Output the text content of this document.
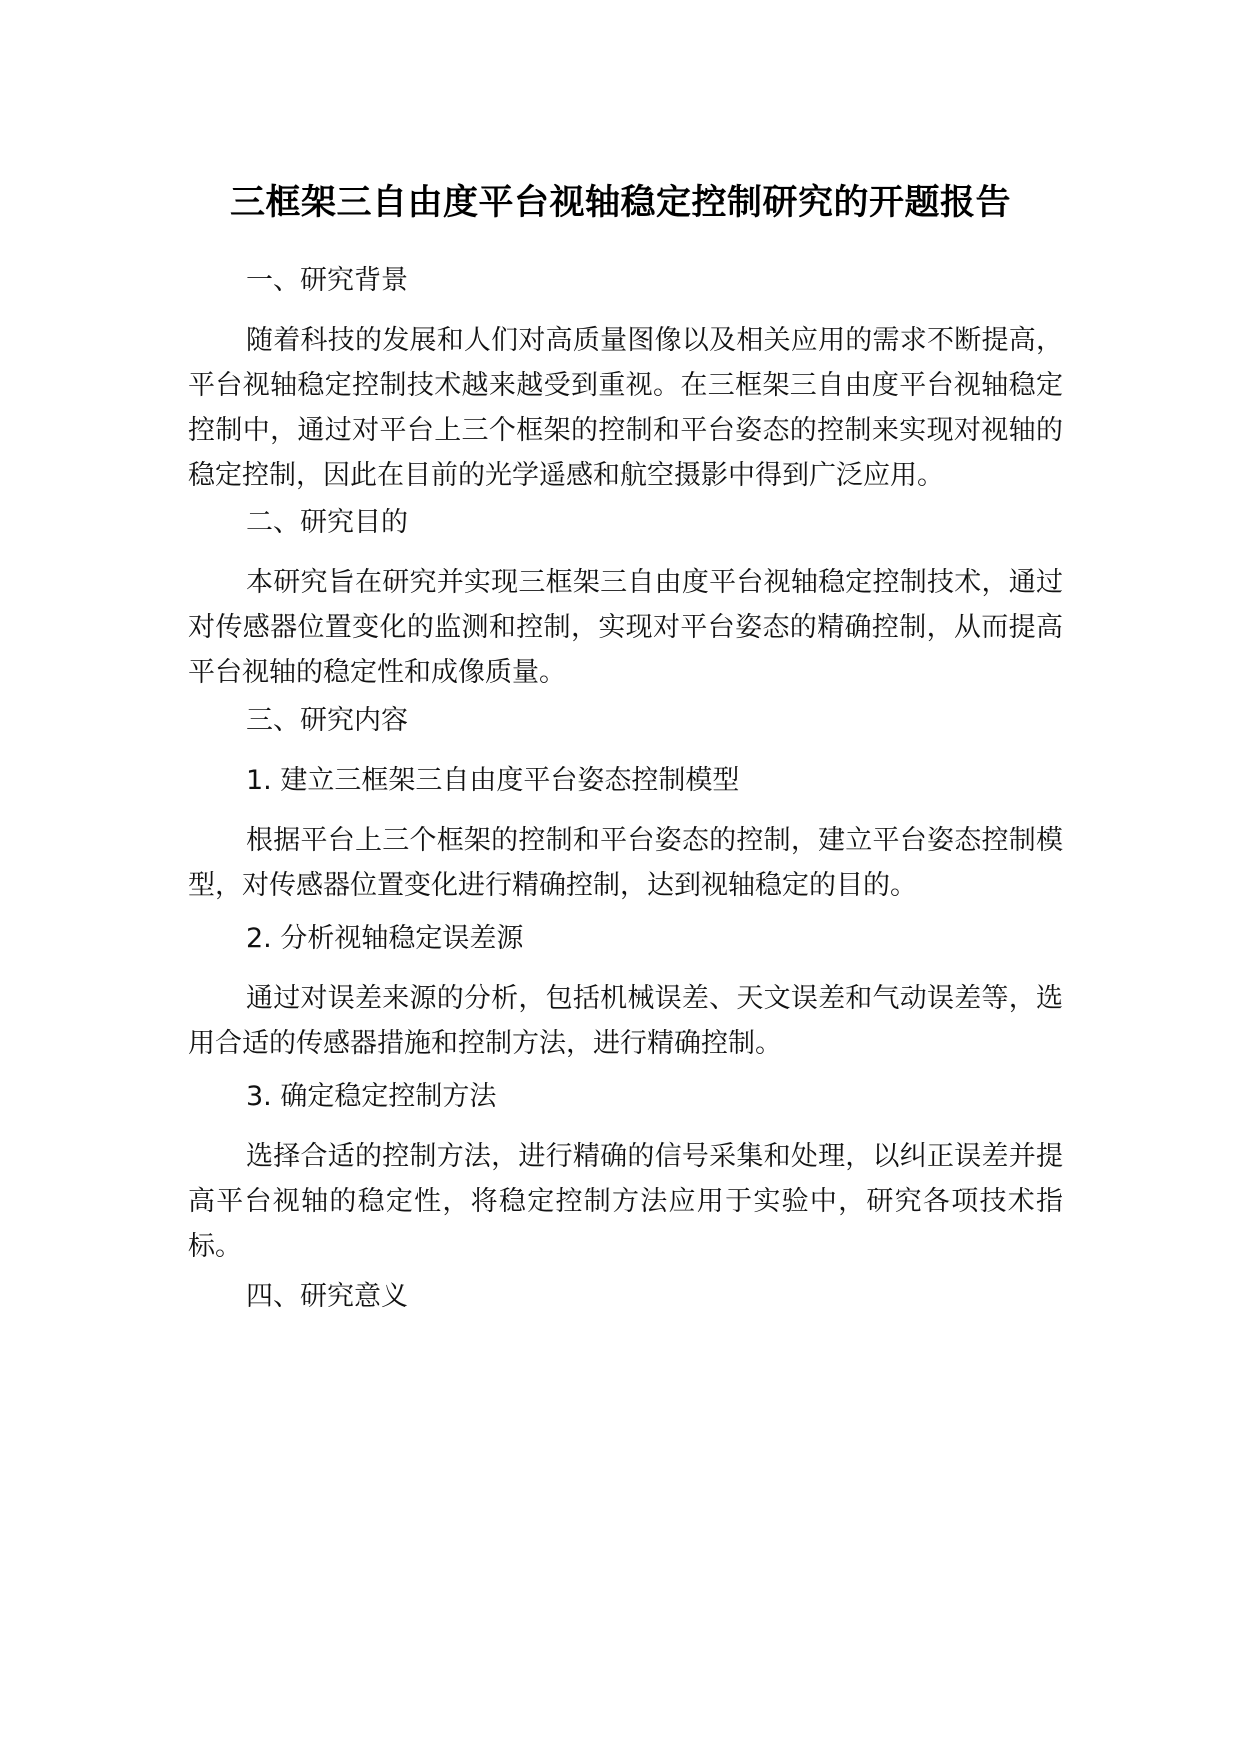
三框架三自由度平台视轴稳定控制研究的开题报告

一、研究背景

随着科技的发展和人们对高质量图像以及相关应用的需求不断提高，平台视轴稳定控制技术越来越受到重视。在三框架三自由度平台视轴稳定控制中，通过对平台上三个框架的控制和平台姿态的控制来实现对视轴的稳定控制，因此在目前的光学遥感和航空摄影中得到广泛应用。

二、研究目的

本研究旨在研究并实现三框架三自由度平台视轴稳定控制技术，通过对传感器位置变化的监测和控制，实现对平台姿态的精确控制，从而提高平台视轴的稳定性和成像质量。

三、研究内容

1. 建立三框架三自由度平台姿态控制模型

根据平台上三个框架的控制和平台姿态的控制，建立平台姿态控制模型，对传感器位置变化进行精确控制，达到视轴稳定的目的。

2. 分析视轴稳定误差源

通过对误差来源的分析，包括机械误差、天文误差和气动误差等，选用合适的传感器措施和控制方法，进行精确控制。

3. 确定稳定控制方法

选择合适的控制方法，进行精确的信号采集和处理，以纠正误差并提高平台视轴的稳定性，将稳定控制方法应用于实验中，研究各项技术指标。

四、研究意义
